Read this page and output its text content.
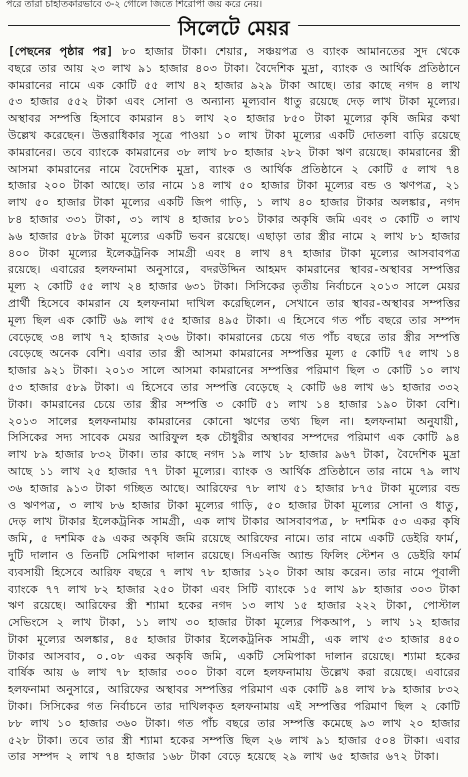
পরে তারা চাঁহাতকারভাবে ৩-২ গোলে জিতে শিরোপা জয় করে নেয়।
সিলেটে মেয়র
[পেছনের পৃষ্ঠার পর] ৮০ হাজার টাকা। শেয়ার, সঞ্চয়পত্র ও ব্যাংক আমানতের সুদ থেকে বছরে তার আয় ২৩ লাখ ৯১ হাজার ৪০৩ টাকা। বৈদেশিক মুদ্রা, ব্যাংক ও আর্থিক প্রতিষ্ঠানে কামরানের নামে এক কোটি ৫৫ লাখ ৪২ হাজার ৯২৯ টাকা আছে। তার কাছে নগদ ৪ লাখ ৫৩ হাজার ৫৫২ টাকা এবং সোনা ও অন্যান্য মূল্যবান ধাতু রয়েছে দেড় লাখ টাকা মূল্যের। অস্থাবর সম্পত্তি হিসাবে কামরান ৪১ লাখ ২০ হাজার ৮৫০ টাকা মূল্যের কৃষি জমির কথা উল্লেখ করেছেন। উত্তরাধিকার সূত্রে পাওয়া ১০ লাখ টাকা মূল্যের একটি দোতলা বাড়ি রয়েছে কামরানের। তবে ব্যাংকে কামরানের ৩৮ লাখ ৮০ হাজার ২৮২ টাকা ঋণ রয়েছে। কামরানের স্ত্রী আসমা কামরানের নামে বৈদেশিক মুদ্রা, ব্যাংক ও আর্থিক প্রতিষ্ঠানে ২ কোটি ৫ লাখ ৭৪ হাজার ২০০ টাকা আছে। তার নামে ১৪ লাখ ৫০ হাজার টাকা মূল্যের বন্ড ও ঋণপত্র, ২১ লাখ ৫০ হাজার টাকা মূল্যের একটি জিপ গাড়ি, ১ লাখ ৪০ হাজার টাকার অলঙ্কার, নগদ ৮৪ হাজার ৩৩১ টাকা, ৩১ লাখ ৪ হাজার ৮০১ টাকার অকৃষি জমি এবং ৩ কোটি ৩ লাখ ৯৬ হাজার ৫৮৯ টাকা মূল্যের একটি ভবন রয়েছে। এছাড়া তার স্ত্রীর নামে ২ লাখ ৮১ হাজার ৪০০ টাকা মূল্যের ইলেকট্রনিক সামগ্রী এবং ৪ লাখ ৪৭ হাজার টাকা মূল্যের আসবাবপত্র রয়েছে। এবারের হলফনামা অনুসারে, বদরউদ্দিন আহমদ কামরানের স্থাবর-অস্থাবর সম্পত্তির মূল্য ২ কোটি ৫৫ লাখ ২৪ হাজার ৬৩১ টাকা। সিসিকের তৃতীয় নির্বাচনে ২০১৩ সালে মেয়র প্রার্থী হিসেবে কামরান যে হলফনামা দাখিল করেছিলেন, সেখানে তার স্থাবর-অস্থাবর সম্পত্তির মূল্য ছিল এক কোটি ৬৯ লাখ ৫৫ হাজার ৪৯৫ টাকা। এ হিসেবে গত পাঁচ বছরে তার সম্পদ বেড়েছে ৩৪ লাখ ৭২ হাজার ২৩৬ টাকা। কামরানের চেয়ে গত পাঁচ বছরে তার স্ত্রীর সম্পত্তি বেড়েছে অনেক বেশি। এবার তার স্ত্রী আসমা কামরানের সম্পত্তির মূল্য ৫ কোটি ৭৫ লাখ ১৪ হাজার ৯২১ টাকা। ২০১৩ সালে আসমা কামরানের সম্পত্তির পরিমাণ ছিল ৩ কোটি ১০ লাখ ৫৩ হাজার ৫৮৯ টাকা। এ হিসেবে তার সম্পত্তি বেড়েছে ২ কোটি ৬৪ লাখ ৬১ হাজার ৩৩২ টাকা। কামরানের চেয়ে তার স্ত্রীর সম্পত্তি ৩ কোটি ৫১ লাখ ১৪ হাজার ১৯০ টাকা বেশি। ২০১৩ সালের হলফনামায় কামরানের কোনো ঋণের তথ্য ছিল না। হলফনামা অনুযায়ী, সিসিকের সদ্য সাবেক মেয়র আরিফুল হক চৌধুরীর অস্থাবর সম্পদের পরিমাণ এক কোটি ৯৪ লাখ ৮৯ হাজার ৮৩২ টাকা। তার কাছে নগদ ১৯ লাখ ১৮ হাজার ৯৬৭ টাকা, বৈদেশিক মুদ্রা আছে ১১ লাখ ২৫ হাজার ৭৭ টাকা মূল্যের। ব্যাংক ও আর্থিক প্রতিষ্ঠানে তার নামে ৭৯ লাখ ৩৬ হাজার ৯১৩ টাকা গচ্ছিত আছে। আরিফের ৭৮ লাখ ৫১ হাজার ৮৭৫ টাকা মূল্যের বন্ড ও ঋণপত্র, ৩ লাখ ৮৬ হাজার টাকা মূল্যের গাড়ি, ৫০ হাজার টাকা মূল্যের সোনা ও ধাতু, দেড় লাখ টাকার ইলেকট্রনিক সামগ্রী, এক লাখ টাকার আসবাবপত্র, ৮ দশমিক ৫৩ একর কৃষি জমি, ৫ দশমিক ৫৯ একর অকৃষি জমি রয়েছে আরিফের নামে। তার নামে একটি ডেইরি ফার্ম, দুটি দালান ও তিনটি সেমিপাকা দালান রয়েছে। সিএনজি অ্যান্ড ফিলিং স্টেশন ও ডেইরি ফার্ম ব্যবসায়ী হিসেবে আরিফ বছরে ৭ লাখ ৭৮ হাজার ১২০ টাকা আয় করেন। তার নামে পূবালী ব্যাংকে ৭৭ লাখ ৮২ হাজার ২৫০ টাকা এবং সিটি ব্যাংকে ১৫ লাখ ৯৮ হাজার ৩০৩ টাকা ঋণ রয়েছে। আরিফের স্ত্রী শ্যামা হকের নগদ ১৩ লাখ ১৫ হাজার ২২২ টাকা, পোস্টাল সেভিংসে ২ লাখ টাকা, ১১ লাখ ৩০ হাজার টাকা মূল্যের পিকআপ, ১ লাখ ১২ হাজার টাকা মূল্যের অলঙ্কার, ৪৫ হাজার টাকার ইলেকট্রনিক সামগ্রী, এক লাখ ৫৩ হাজার ৪৫০ টাকার আসবাব, ০.০৮ একর অকৃষি জমি, একটি সেমিপাকা দালান রয়েছে। শ্যামা হকের বার্ষিক আয় ৬ লাখ ৭৮ হাজার ৩০০ টাকা বলে হলফনামায় উল্লেখ করা রয়েছে। এবারের হলফনামা অনুসারে, আরিফের অস্থাবর সম্পত্তির পরিমাণ এক কোটি ৯৪ লাখ ৮৯ হাজার ৮৩২ টাকা। সিসিকের গত নির্বাচনে তার দাখিলকৃত হলফনামায় এই সম্পত্তির পরিমাণ ছিল ২ কোটি ৮৮ লাখ ১০ হাজার ৩৬০ টাকা। গত পাঁচ বছরে তার সম্পত্তি কমেছে ৯৩ লাখ ২০ হাজার ৫২৮ টাকা। তবে তার স্ত্রী শ্যামা হকের সম্পত্তি ছিল ২৬ লাখ ৯১ হাজার ৫০৪ টাকা। এবার তার সম্পদ ২ লাখ ৭৪ হাজার ১৬৮ টাকা বেড়ে হয়েছে ২৯ লাখ ৬৫ হাজার ৬৭২ টাকা।
